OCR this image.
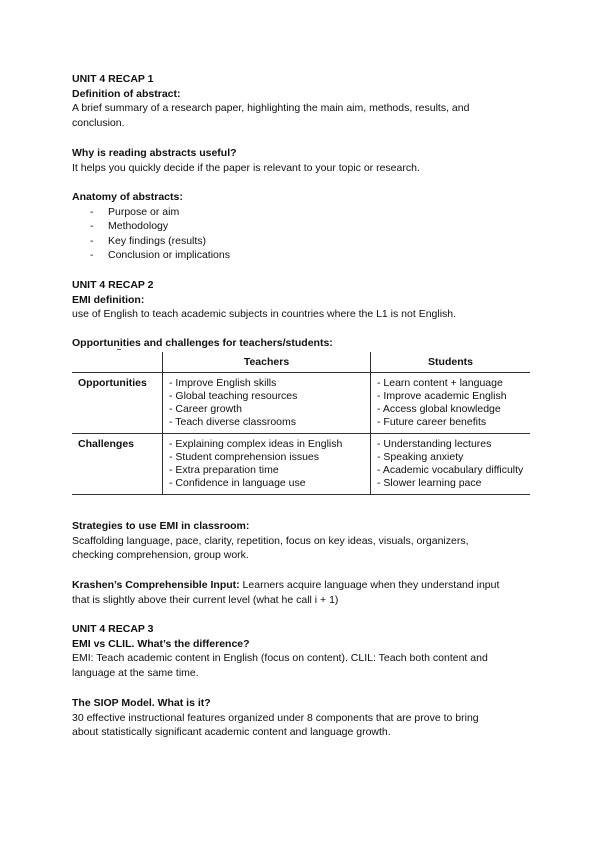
UNIT 4 RECAP 1
Definition of abstract:
A brief summary of a research paper, highlighting the main aim, methods, results, and
conclusion.
Why is reading abstracts useful?
It helps you quickly decide if the paper is relevant to your topic or research.
Anatomy of abstracts:
- Purpose or aim
- Methodology
- Key findings (results)
- Conclusion or implications
UNIT 4 RECAP 2
EMI definition:
use of English to teach academic subjects in countries where the L1 is not English.
Opportunities and challenges for teachers/students:
	Teachers	Students
Opportunities	- Improve English skills
- Global teaching resources
- Career growth
- Teach diverse classrooms	- Learn content + language
- Improve academic English
- Access global knowledge
- Future career benefits

Challenges	- Explaining complex ideas in English
- Student comprehension issues
- Extra preparation time
- Confidence in language use	- Understanding lectures
- Speaking anxiety
- Academic vocabulary difficulty
- Slower learning pace
Strategies to use EMI in classroom:
Scaffolding language, pace, clarity, repetition, focus on key ideas, visuals, organizers,
checking comprehension, group work.
Krashen’s Comprehensible Input: Learners acquire language when they understand input
that is slightly above their current level (what he call i + 1)
UNIT 4 RECAP 3
EMI vs CLIL. What’s the difference?
EMI: Teach academic content in English (focus on content). CLIL: Teach both content and
language at the same time.
The SIOP Model. What is it?
30 effective instructional features organized under 8 components that are prove to bring
about statistically significant academic content and language growth.
